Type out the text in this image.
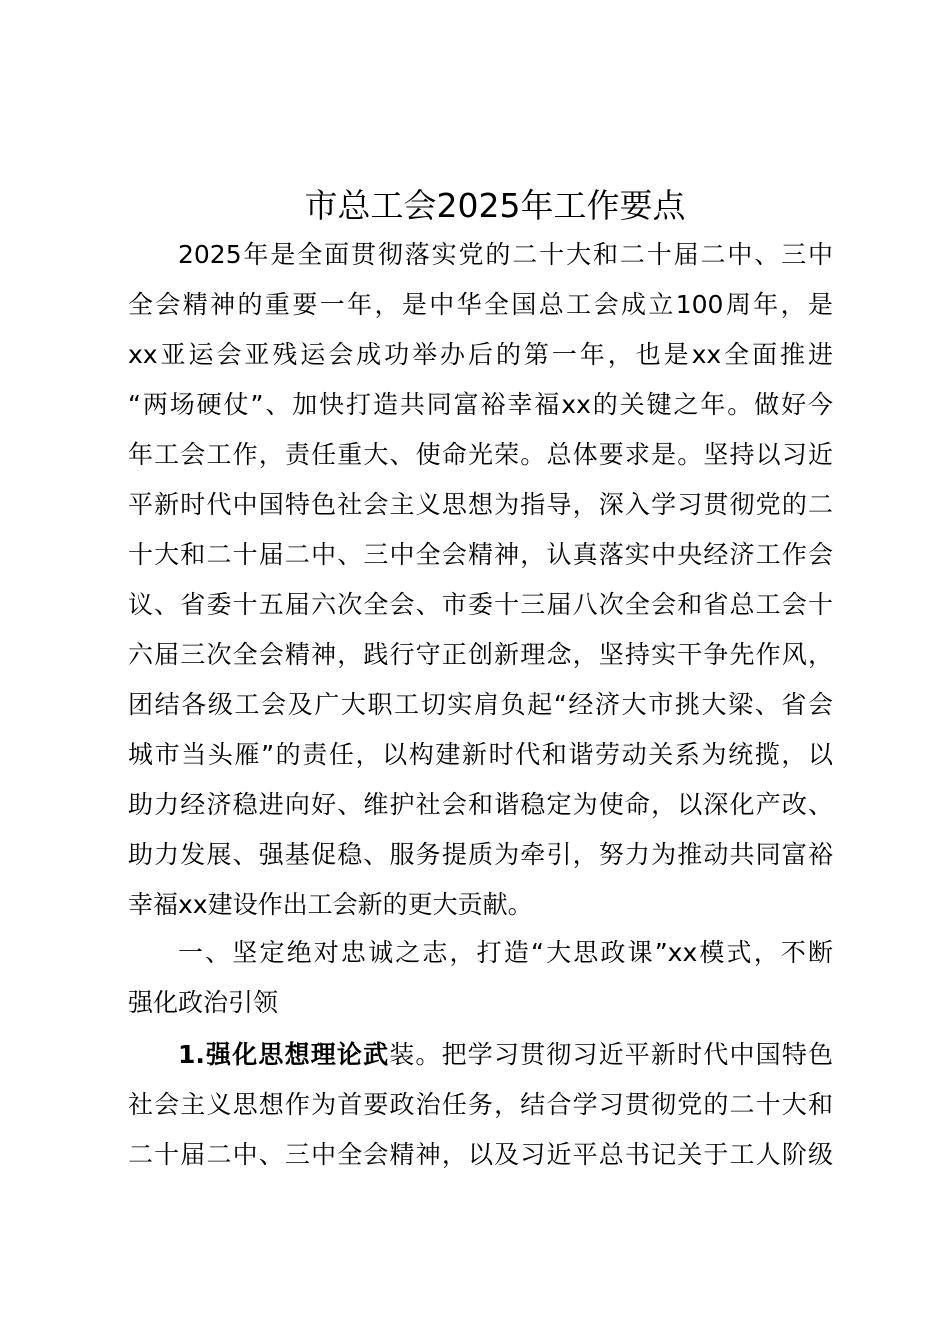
市总工会2025年工作要点

2025年是全面贯彻落实党的二十大和二十届二中、三中

全会精神的重要一年，是中华全国总工会成立100周年，是

xx亚运会亚残运会成功举办后的第一年，也是xx全面推进

“两场硬仗”、加快打造共同富裕幸福xx的关键之年。做好今

年工会工作，责任重大、使命光荣。总体要求是。坚持以习近

平新时代中国特色社会主义思想为指导，深入学习贯彻党的二

十大和二十届二中、三中全会精神，认真落实中央经济工作会

议、省委十五届六次全会、市委十三届八次全会和省总工会十

六届三次全会精神，践行守正创新理念，坚持实干争先作风，

团结各级工会及广大职工切实肩负起“经济大市挑大梁、省会

城市当头雁”的责任，以构建新时代和谐劳动关系为统揽，以

助力经济稳进向好、维护社会和谐稳定为使命，以深化产改、

助力发展、强基促稳、服务提质为牵引，努力为推动共同富裕

幸福xx建设作出工会新的更大贡献。

一、坚定绝对忠诚之志，打造“大思政课”xx模式，不断

强化政治引领

1.强化思想理论武装。把学习贯彻习近平新时代中国特色

社会主义思想作为首要政治任务，结合学习贯彻党的二十大和

二十届二中、三中全会精神，以及习近平总书记关于工人阶级
